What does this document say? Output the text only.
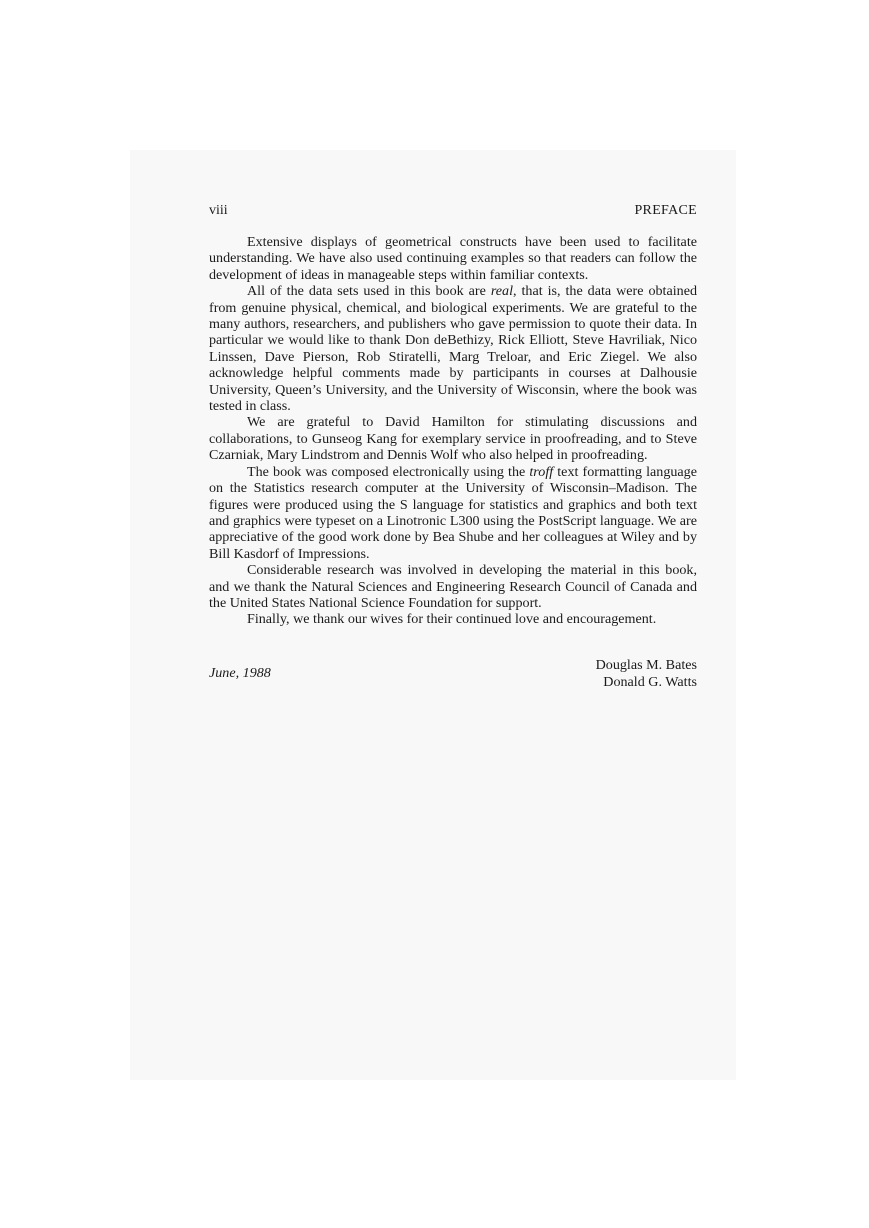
viii	PREFACE

Extensive displays of geometrical constructs have been used to facilitate understanding. We have also used continuing examples so that readers can follow the development of ideas in manageable steps within familiar contexts.

All of the data sets used in this book are real, that is, the data were obtained from genuine physical, chemical, and biological experiments. We are grateful to the many authors, researchers, and publishers who gave permission to quote their data. In particular we would like to thank Don deBethizy, Rick Elliott, Steve Havriliak, Nico Linssen, Dave Pierson, Rob Stiratelli, Marg Treloar, and Eric Ziegel. We also acknowledge helpful comments made by participants in courses at Dalhousie University, Queen’s University, and the University of Wisconsin, where the book was tested in class.

We are grateful to David Hamilton for stimulating discussions and collaborations, to Gunseog Kang for exemplary service in proofreading, and to Steve Czarniak, Mary Lindstrom and Dennis Wolf who also helped in proofreading.

The book was composed electronically using the troff text formatting language on the Statistics research computer at the University of Wisconsin–Madison. The figures were produced using the S language for statistics and graphics and both text and graphics were typeset on a Linotronic L300 using the PostScript language. We are appreciative of the good work done by Bea Shube and her colleagues at Wiley and by Bill Kasdorf of Impressions.

Considerable research was involved in developing the material in this book, and we thank the Natural Sciences and Engineering Research Council of Canada and the United States National Science Foundation for support.

Finally, we thank our wives for their continued love and encouragement.

June, 1988	Douglas M. Bates
Donald G. Watts
